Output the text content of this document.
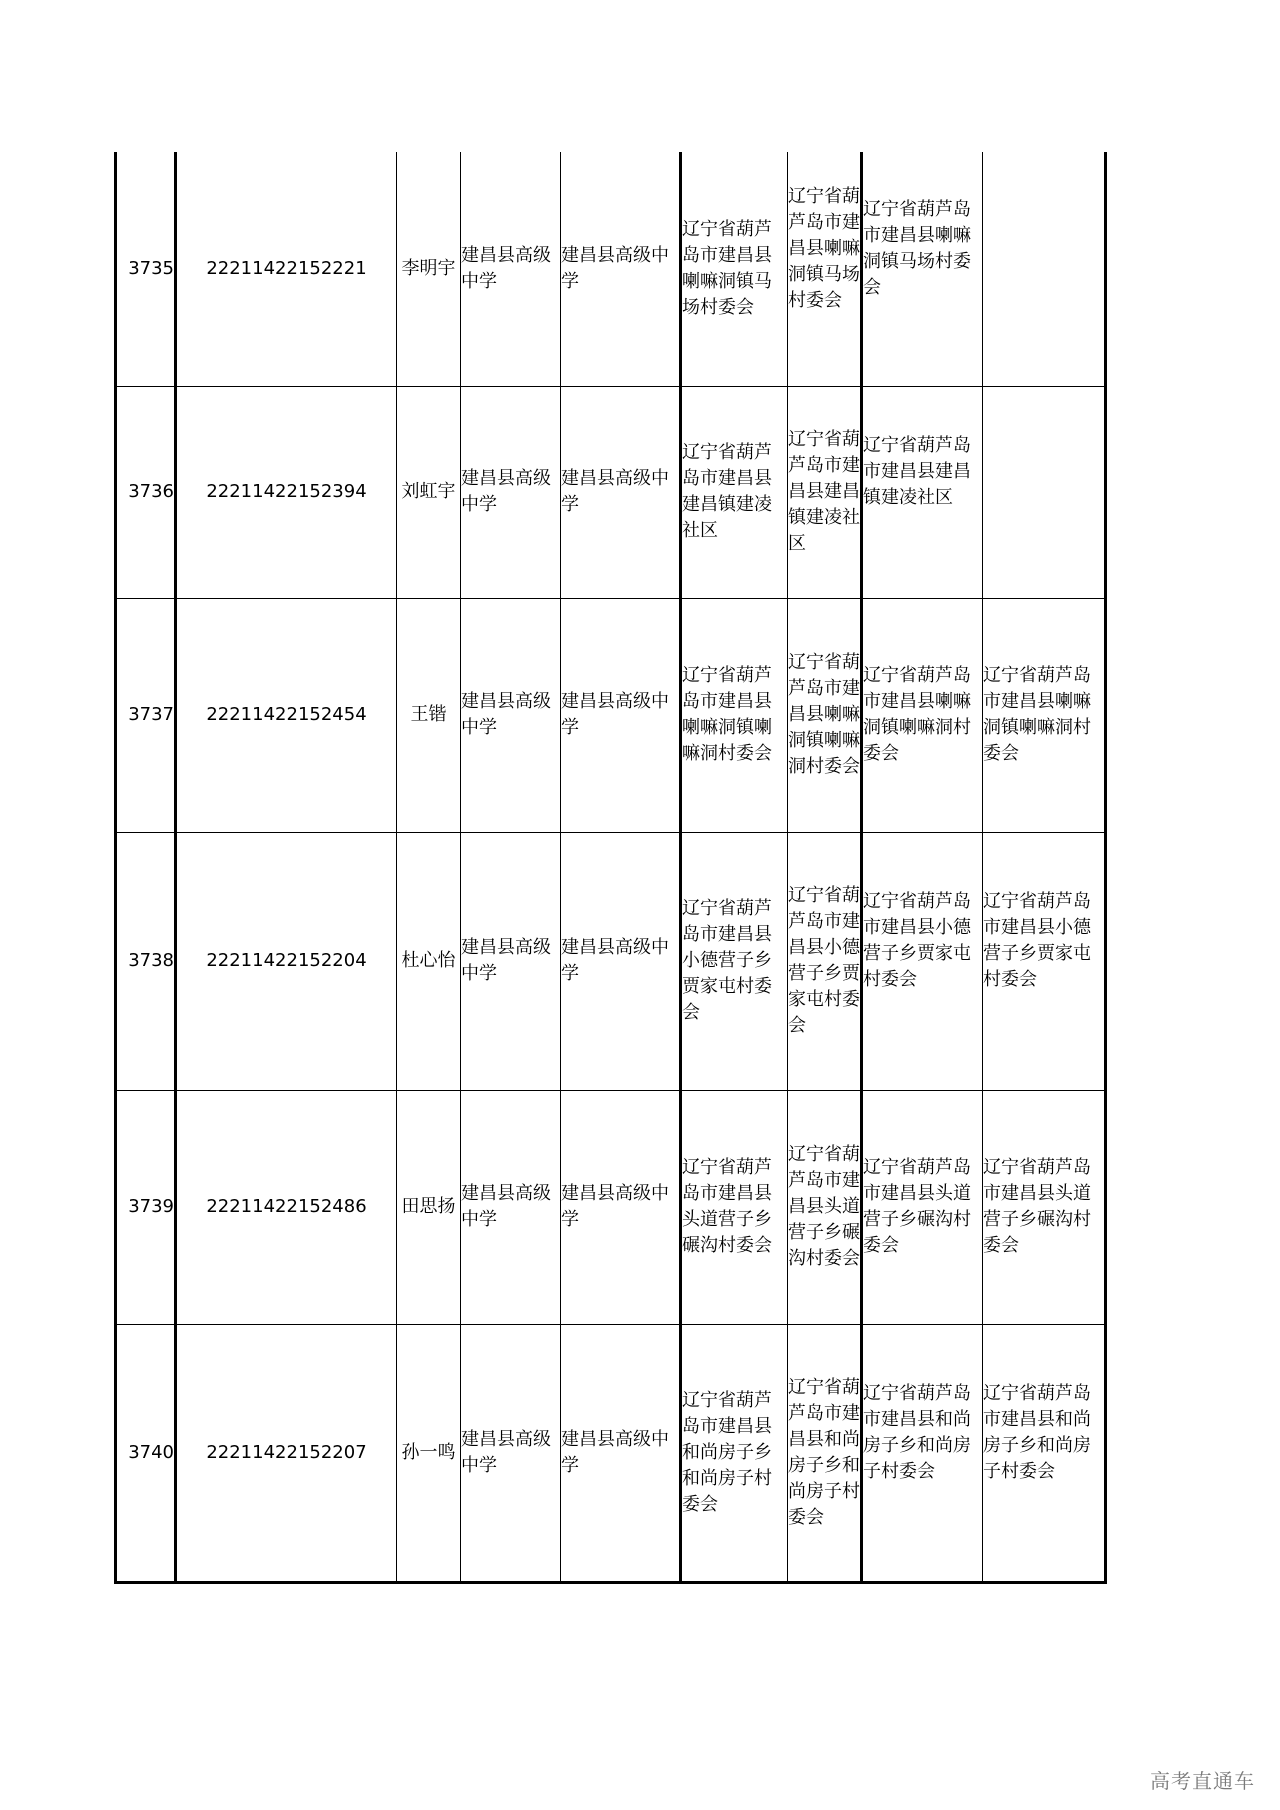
3735	22211422152221	李明宇	建昌县高级中学	建昌县高级中学	辽宁省葫芦岛市建昌县喇嘛洞镇马场村委会	辽宁省葫芦岛市建昌县喇嘛洞镇马场村委会	辽宁省葫芦岛市建昌县喇嘛洞镇马场村委会	

3736	22211422152394	刘虹宇	建昌县高级中学	建昌县高级中学	辽宁省葫芦岛市建昌县建昌镇建凌社区	辽宁省葫芦岛市建昌县建昌镇建凌社区	辽宁省葫芦岛市建昌县建昌镇建凌社区	

3737	22211422152454	王锴	建昌县高级中学	建昌县高级中学	辽宁省葫芦岛市建昌县喇嘛洞镇喇嘛洞村委会	辽宁省葫芦岛市建昌县喇嘛洞镇喇嘛洞村委会	辽宁省葫芦岛市建昌县喇嘛洞镇喇嘛洞村委会	辽宁省葫芦岛市建昌县喇嘛洞镇喇嘛洞村委会
3738	22211422152204	杜心怡	建昌县高级中学	建昌县高级中学	辽宁省葫芦岛市建昌县小德营子乡贾家屯村委会	辽宁省葫芦岛市建昌县小德营子乡贾家屯村委会	辽宁省葫芦岛市建昌县小德营子乡贾家屯村委会	辽宁省葫芦岛市建昌县小德营子乡贾家屯村委会

3739	22211422152486	田思扬	建昌县高级中学	建昌县高级中学	辽宁省葫芦岛市建昌县头道营子乡碾沟村委会	辽宁省葫芦岛市建昌县头道营子乡碾沟村委会	辽宁省葫芦岛市建昌县头道营子乡碾沟村委会	辽宁省葫芦岛市建昌县头道营子乡碾沟村委会
3740	22211422152207	孙一鸣	建昌县高级中学	建昌县高级中学	辽宁省葫芦岛市建昌县和尚房子乡和尚房子村委会	辽宁省葫芦岛市建昌县和尚房子乡和尚房子村委会	辽宁省葫芦岛市建昌县和尚房子乡和尚房子村委会	辽宁省葫芦岛市建昌县和尚房子乡和尚房子村委会
高考直通车
